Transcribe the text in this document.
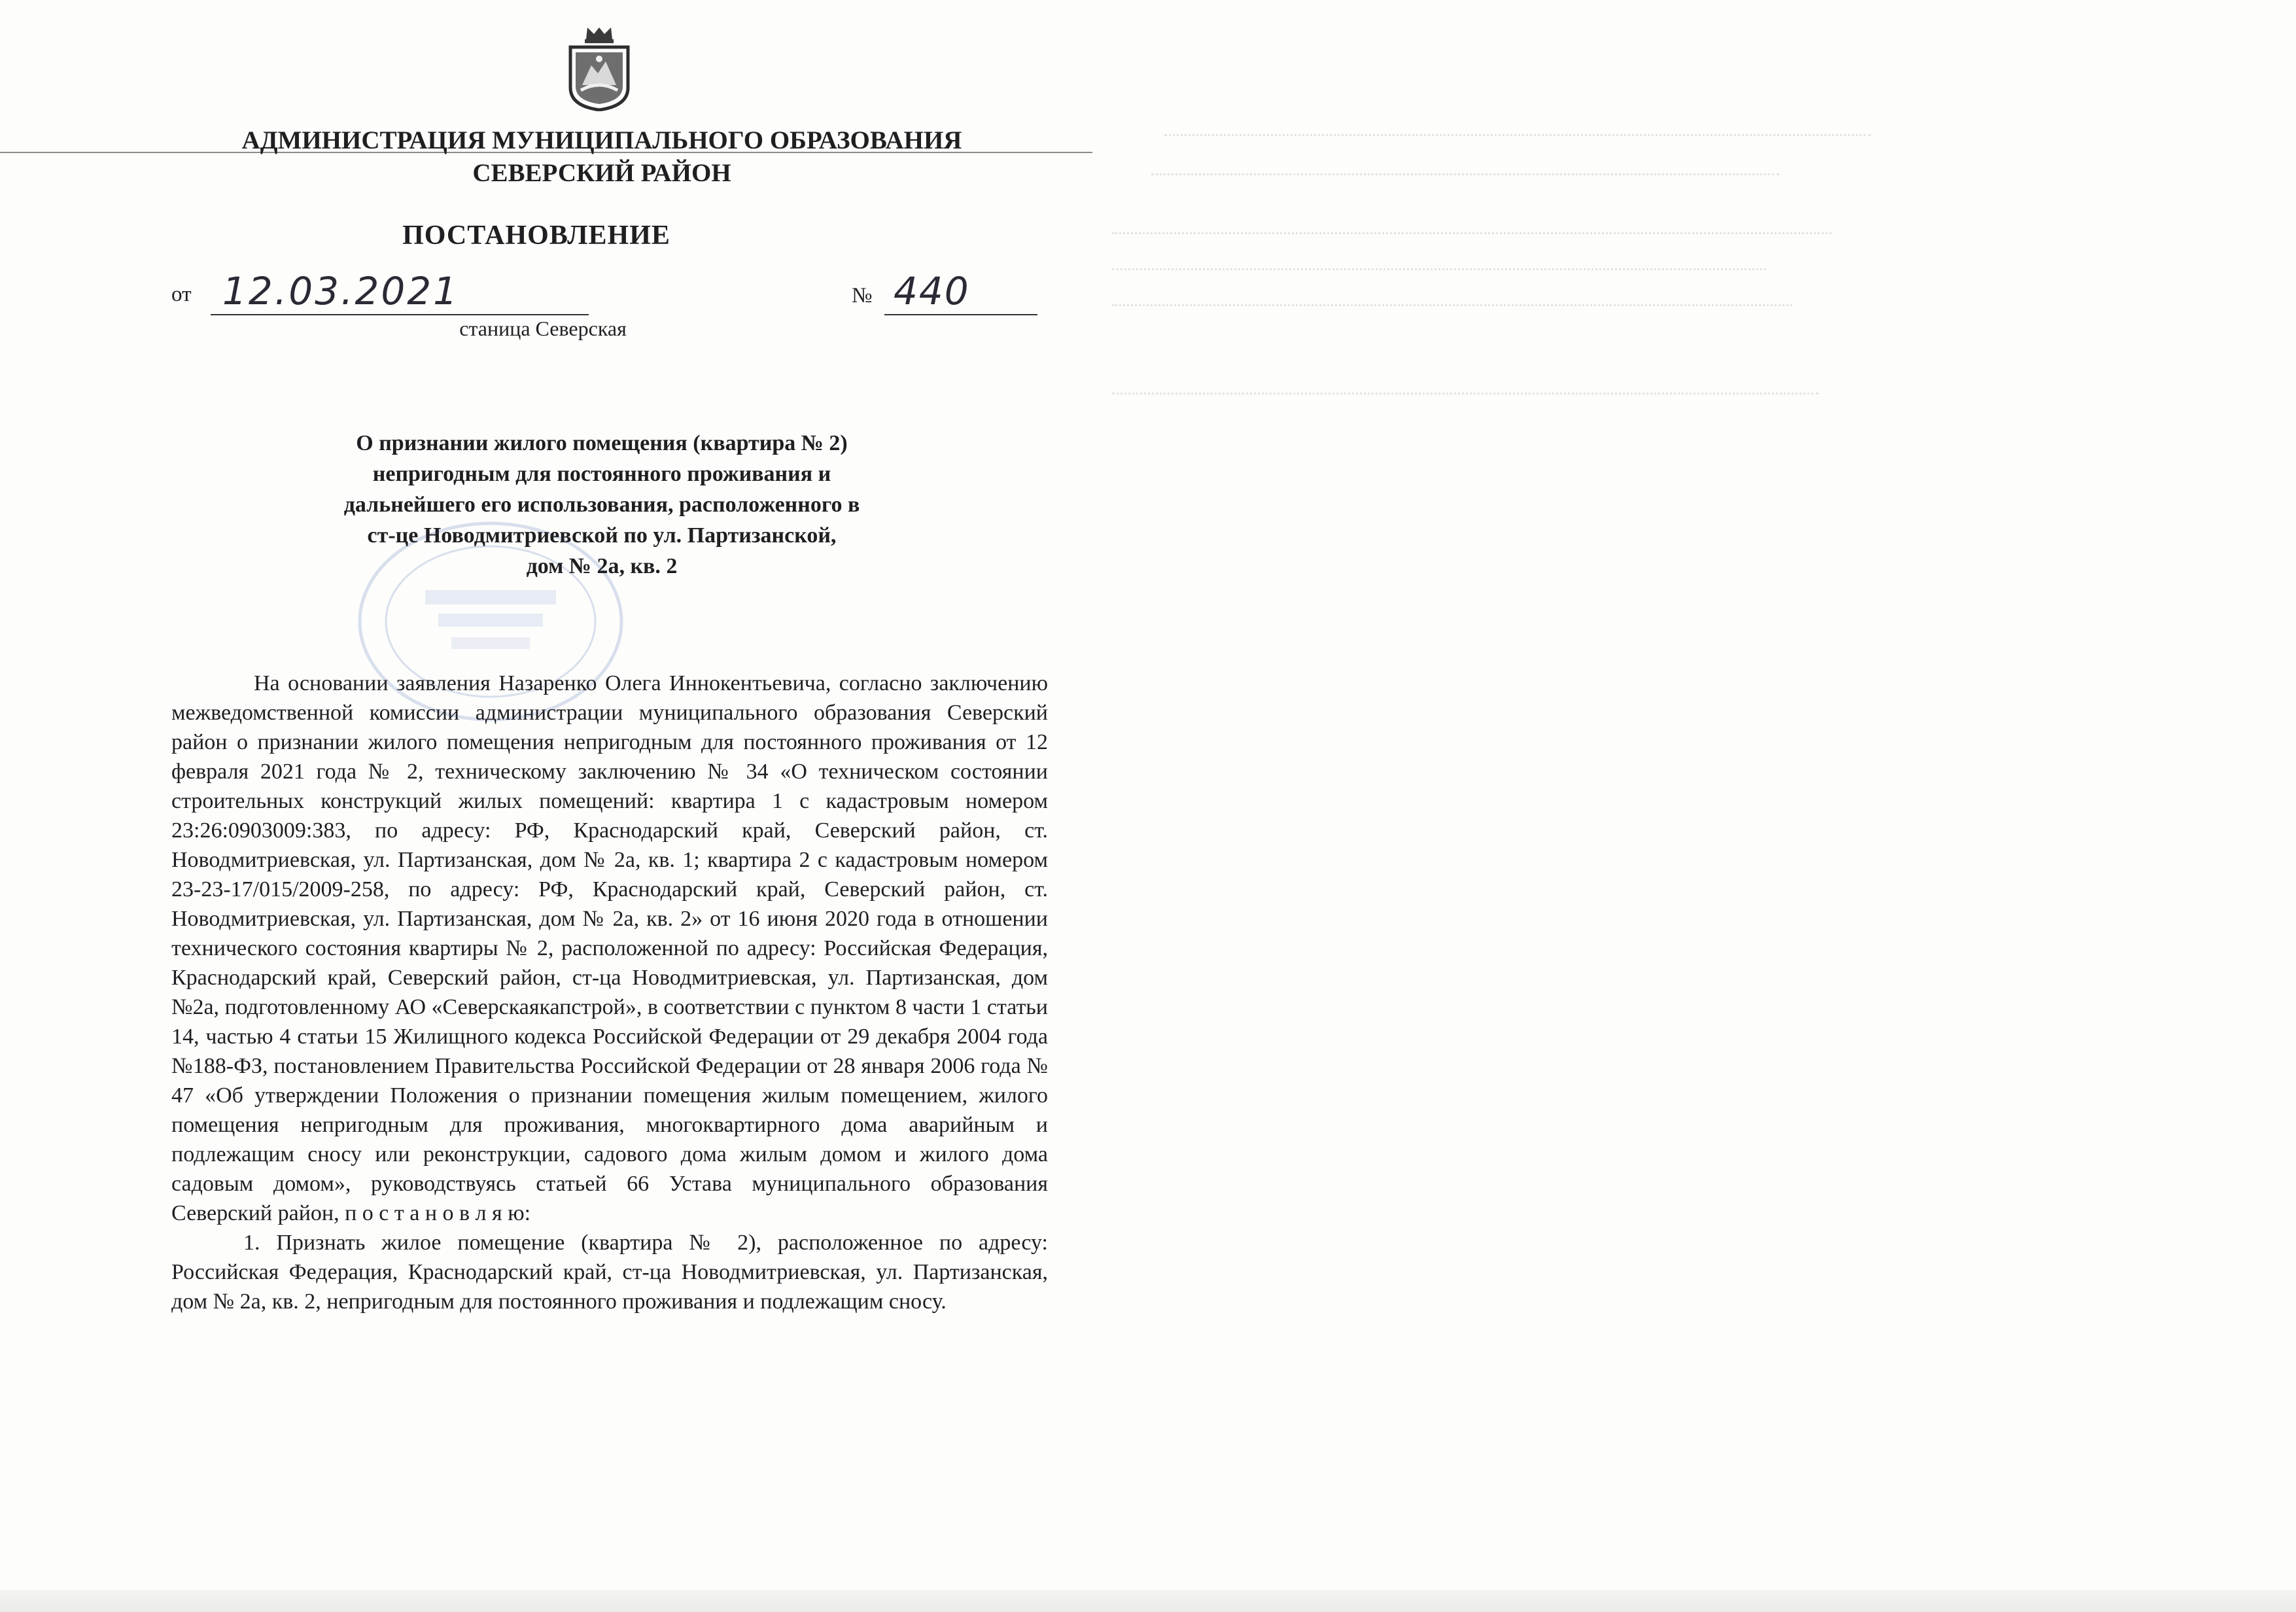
АДМИНИСТРАЦИЯ МУНИЦИПАЛЬНОГО ОБРАЗОВАНИЯ
СЕВЕРСКИЙ РАЙОН
ПОСТАНОВЛЕНИЕ
от 12.03.2021	№ 440
станица Северская
О признании жилого помещения (квартира № 2)
непригодным для постоянного проживания и
дальнейшего его использования, расположенного в
ст-це Новодмитриевской по ул. Партизанской,
дом № 2а, кв. 2

На основании заявления Назаренко Олега Иннокентьевича, согласно заключению межведомственной комиссии администрации муниципального образования Северский район о признании жилого помещения непригодным для постоянного проживания от 12 февраля 2021 года № 2, техническому заключению № 34 «О техническом состоянии строительных конструкций жилых помещений: квартира 1 с кадастровым номером 23:26:0903009:383, по адресу: РФ, Краснодарский край, Северский район, ст. Новодмитриевская, ул. Партизанская, дом № 2а, кв. 1; квартира 2 с кадастровым номером 23-23-17/015/2009-258, по адресу: РФ, Краснодарский край, Северский район, ст. Новодмитриевская, ул. Партизанская, дом № 2а, кв. 2» от 16 июня 2020 года в отношении технического состояния квартиры № 2, расположенной по адресу: Российская Федерация, Краснодарский край, Северский район, ст-ца Новодмитриевская, ул. Партизанская, дом №2а, подготовленному АО «Северскаякапстрой», в соответствии с пунктом 8 части 1 статьи 14, частью 4 статьи 15 Жилищного кодекса Российской Федерации от 29 декабря 2004 года №188-ФЗ, постановлением Правительства Российской Федерации от 28 января 2006 года № 47 «Об утверждении Положения о признании помещения жилым помещением, жилого помещения непригодным для проживания, многоквартирного дома аварийным и подлежащим сносу или реконструкции, садового дома жилым домом и жилого дома садовым домом», руководствуясь статьей 66 Устава муниципального образования Северский район, п о с т а н о в л я ю:

1. Признать жилое помещение (квартира № 2), расположенное по адресу: Российская Федерация, Краснодарский край, ст-ца Новодмитриевская, ул. Партизанская, дом № 2а, кв. 2, непригодным для постоянного проживания и подлежащим сносу.
